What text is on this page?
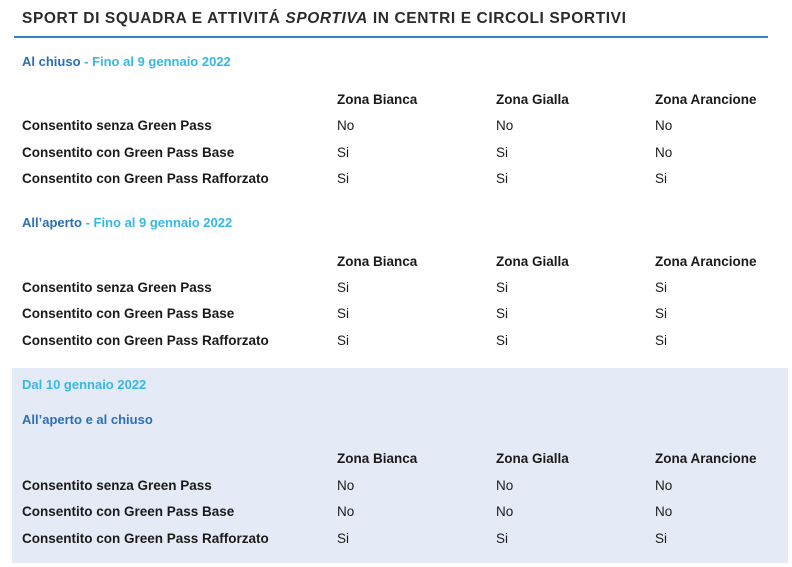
SPORT DI SQUADRA E ATTIVITÁ SPORTIVA IN CENTRI E CIRCOLI SPORTIVI
Al chiuso - Fino al 9 gennaio 2022
Zona Bianca	Zona Gialla	Zona Arancione
Consentito senza Green Pass	No	No	No
Consentito con Green Pass Base	Si	Si	No
Consentito con Green Pass Rafforzato	Si	Si	Si
All’aperto - Fino al 9 gennaio 2022
Zona Bianca	Zona Gialla	Zona Arancione
Consentito senza Green Pass	Si	Si	Si
Consentito con Green Pass Base	Si	Si	Si
Consentito con Green Pass Rafforzato	Si	Si	Si
Dal 10 gennaio 2022
All’aperto e al chiuso
Zona Bianca	Zona Gialla	Zona Arancione
Consentito senza Green Pass	No	No	No
Consentito con Green Pass Base	No	No	No
Consentito con Green Pass Rafforzato	Si	Si	Si
